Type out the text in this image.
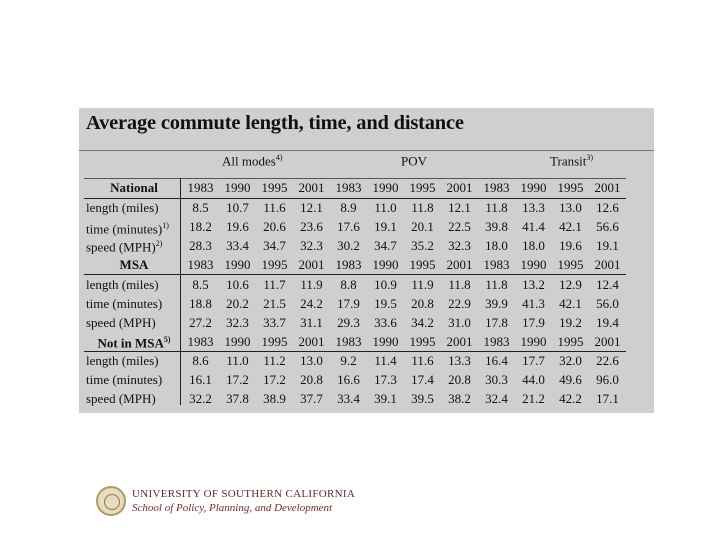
Average commute length, time, and distance
All modes$^{4)}$	POV	Transit$^{3)}$
National	1983	1990	1995	2001	1983	1990	1995	2001	1983	1990	1995	2001
length (miles)	8.5	10.7	11.6	12.1	8.9	11.0	11.8	12.1	11.8	13.3	13.0	12.6
time (minutes)$^{1)}$	18.2	19.6	20.6	23.6	17.6	19.1	20.1	22.5	39.8	41.4	42.1	56.6
speed (MPH)$^{2)}$	28.3	33.4	34.7	32.3	30.2	34.7	35.2	32.3	18.0	18.0	19.6	19.1
MSA	1983	1990	1995	2001	1983	1990	1995	2001	1983	1990	1995	2001
length (miles)	8.5	10.6	11.7	11.9	8.8	10.9	11.9	11.8	11.8	13.2	12.9	12.4
time (minutes)	18.8	20.2	21.5	24.2	17.9	19.5	20.8	22.9	39.9	41.3	42.1	56.0
speed (MPH)	27.2	32.3	33.7	31.1	29.3	33.6	34.2	31.0	17.8	17.9	19.2	19.4
Not in MSA$^{5)}$	1983	1990	1995	2001	1983	1990	1995	2001	1983	1990	1995	2001
length (miles)	8.6	11.0	11.2	13.0	9.2	11.4	11.6	13.3	16.4	17.7	32.0	22.6
time (minutes)	16.1	17.2	17.2	20.8	16.6	17.3	17.4	20.8	30.3	44.0	49.6	96.0
speed (MPH)	32.2	37.8	38.9	37.7	33.4	39.1	39.5	38.2	32.4	21.2	42.2	17.1
UNIVERSITY OF SOUTHERN CALIFORNIA
School of Policy, Planning, and Development
